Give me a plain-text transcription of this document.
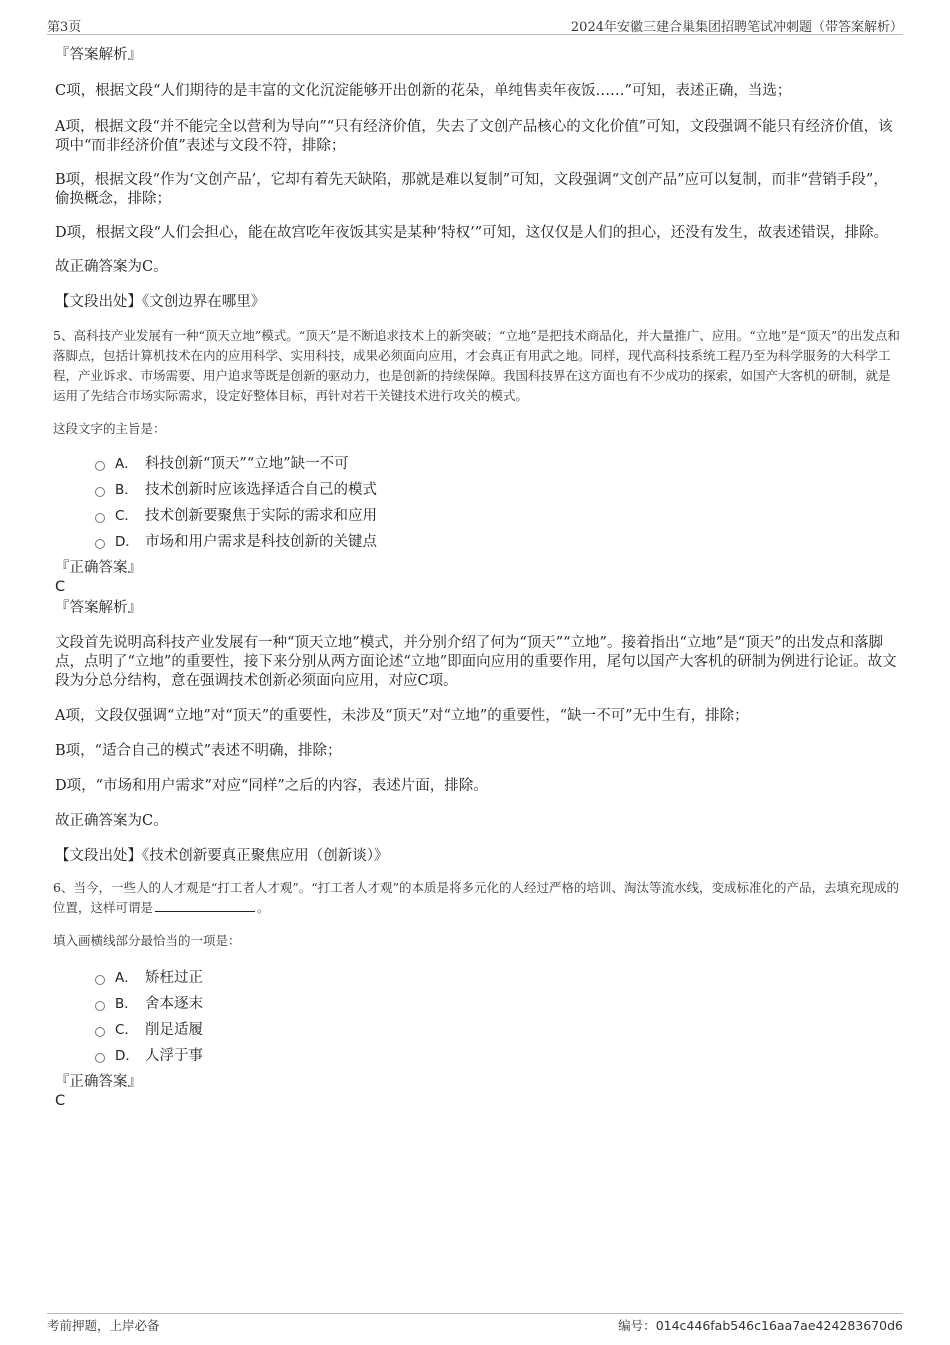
第3页	2024年安徽三建合巢集团招聘笔试冲刺题（带答案解析）
『答案解析』

C项，根据文段“人们期待的是丰富的文化沉淀能够开出创新的花朵，单纯售卖年夜饭……”可知，表述正确，当选；

A项，根据文段“并不能完全以营利为导向”“只有经济价值，失去了文创产品核心的文化价值”可知，文段强调不能只有经济价值，该项中“而非经济价值”表述与文段不符，排除；

B项，根据文段“作为‘文创产品’，它却有着先天缺陷，那就是难以复制”可知，文段强调“文创产品”应可以复制，而非“营销手段”，偷换概念，排除；

D项，根据文段“人们会担心，能在故宫吃年夜饭其实是某种‘特权’”可知，这仅仅是人们的担心，还没有发生，故表述错误，排除。

故正确答案为C。

【文段出处】《文创边界在哪里》

5、高科技产业发展有一种“顶天立地”模式。“顶天”是不断追求技术上的新突破；“立地”是把技术商品化，并大量推广、应用。“立地”是“顶天”的出发点和落脚点，包括计算机技术在内的应用科学、实用科技，成果必须面向应用，才会真正有用武之地。同样，现代高科技系统工程乃至为科学服务的大科学工程，产业诉求、市场需要、用户追求等既是创新的驱动力，也是创新的持续保障。我国科技界在这方面也有不少成功的探索，如国产大客机的研制，就是运用了先结合市场实际需求，设定好整体目标，再针对若干关键技术进行攻关的模式。

这段文字的主旨是：

A． 科技创新“顶天”“立地”缺一不可
B． 技术创新时应该选择适合自己的模式
C． 技术创新要聚焦于实际的需求和应用
D． 市场和用户需求是科技创新的关键点
『正确答案』
C
『答案解析』

文段首先说明高科技产业发展有一种“顶天立地”模式，并分别介绍了何为“顶天”“立地”。接着指出“立地”是“顶天”的出发点和落脚点，点明了“立地”的重要性，接下来分别从两方面论述“立地”即面向应用的重要作用，尾句以国产大客机的研制为例进行论证。故文段为分总分结构，意在强调技术创新必须面向应用，对应C项。

A项，文段仅强调“立地”对“顶天”的重要性，未涉及“顶天”对“立地”的重要性，“缺一不可”无中生有，排除；

B项，“适合自己的模式”表述不明确，排除；

D项，“市场和用户需求”对应“同样”之后的内容，表述片面，排除。

故正确答案为C。

【文段出处】《技术创新要真正聚焦应用（创新谈）》

6、当今，一些人的人才观是“打工者人才观”。“打工者人才观”的本质是将多元化的人经过严格的培训、淘汰等流水线，变成标准化的产品，去填充现成的位置，这样可谓是	。

填入画横线部分最恰当的一项是：

A． 矫枉过正
B． 舍本逐末
C． 削足适履
D． 人浮于事
『正确答案』
C
考前押题，上岸必备	编号：014c446fab546c16aa7ae424283670d6
